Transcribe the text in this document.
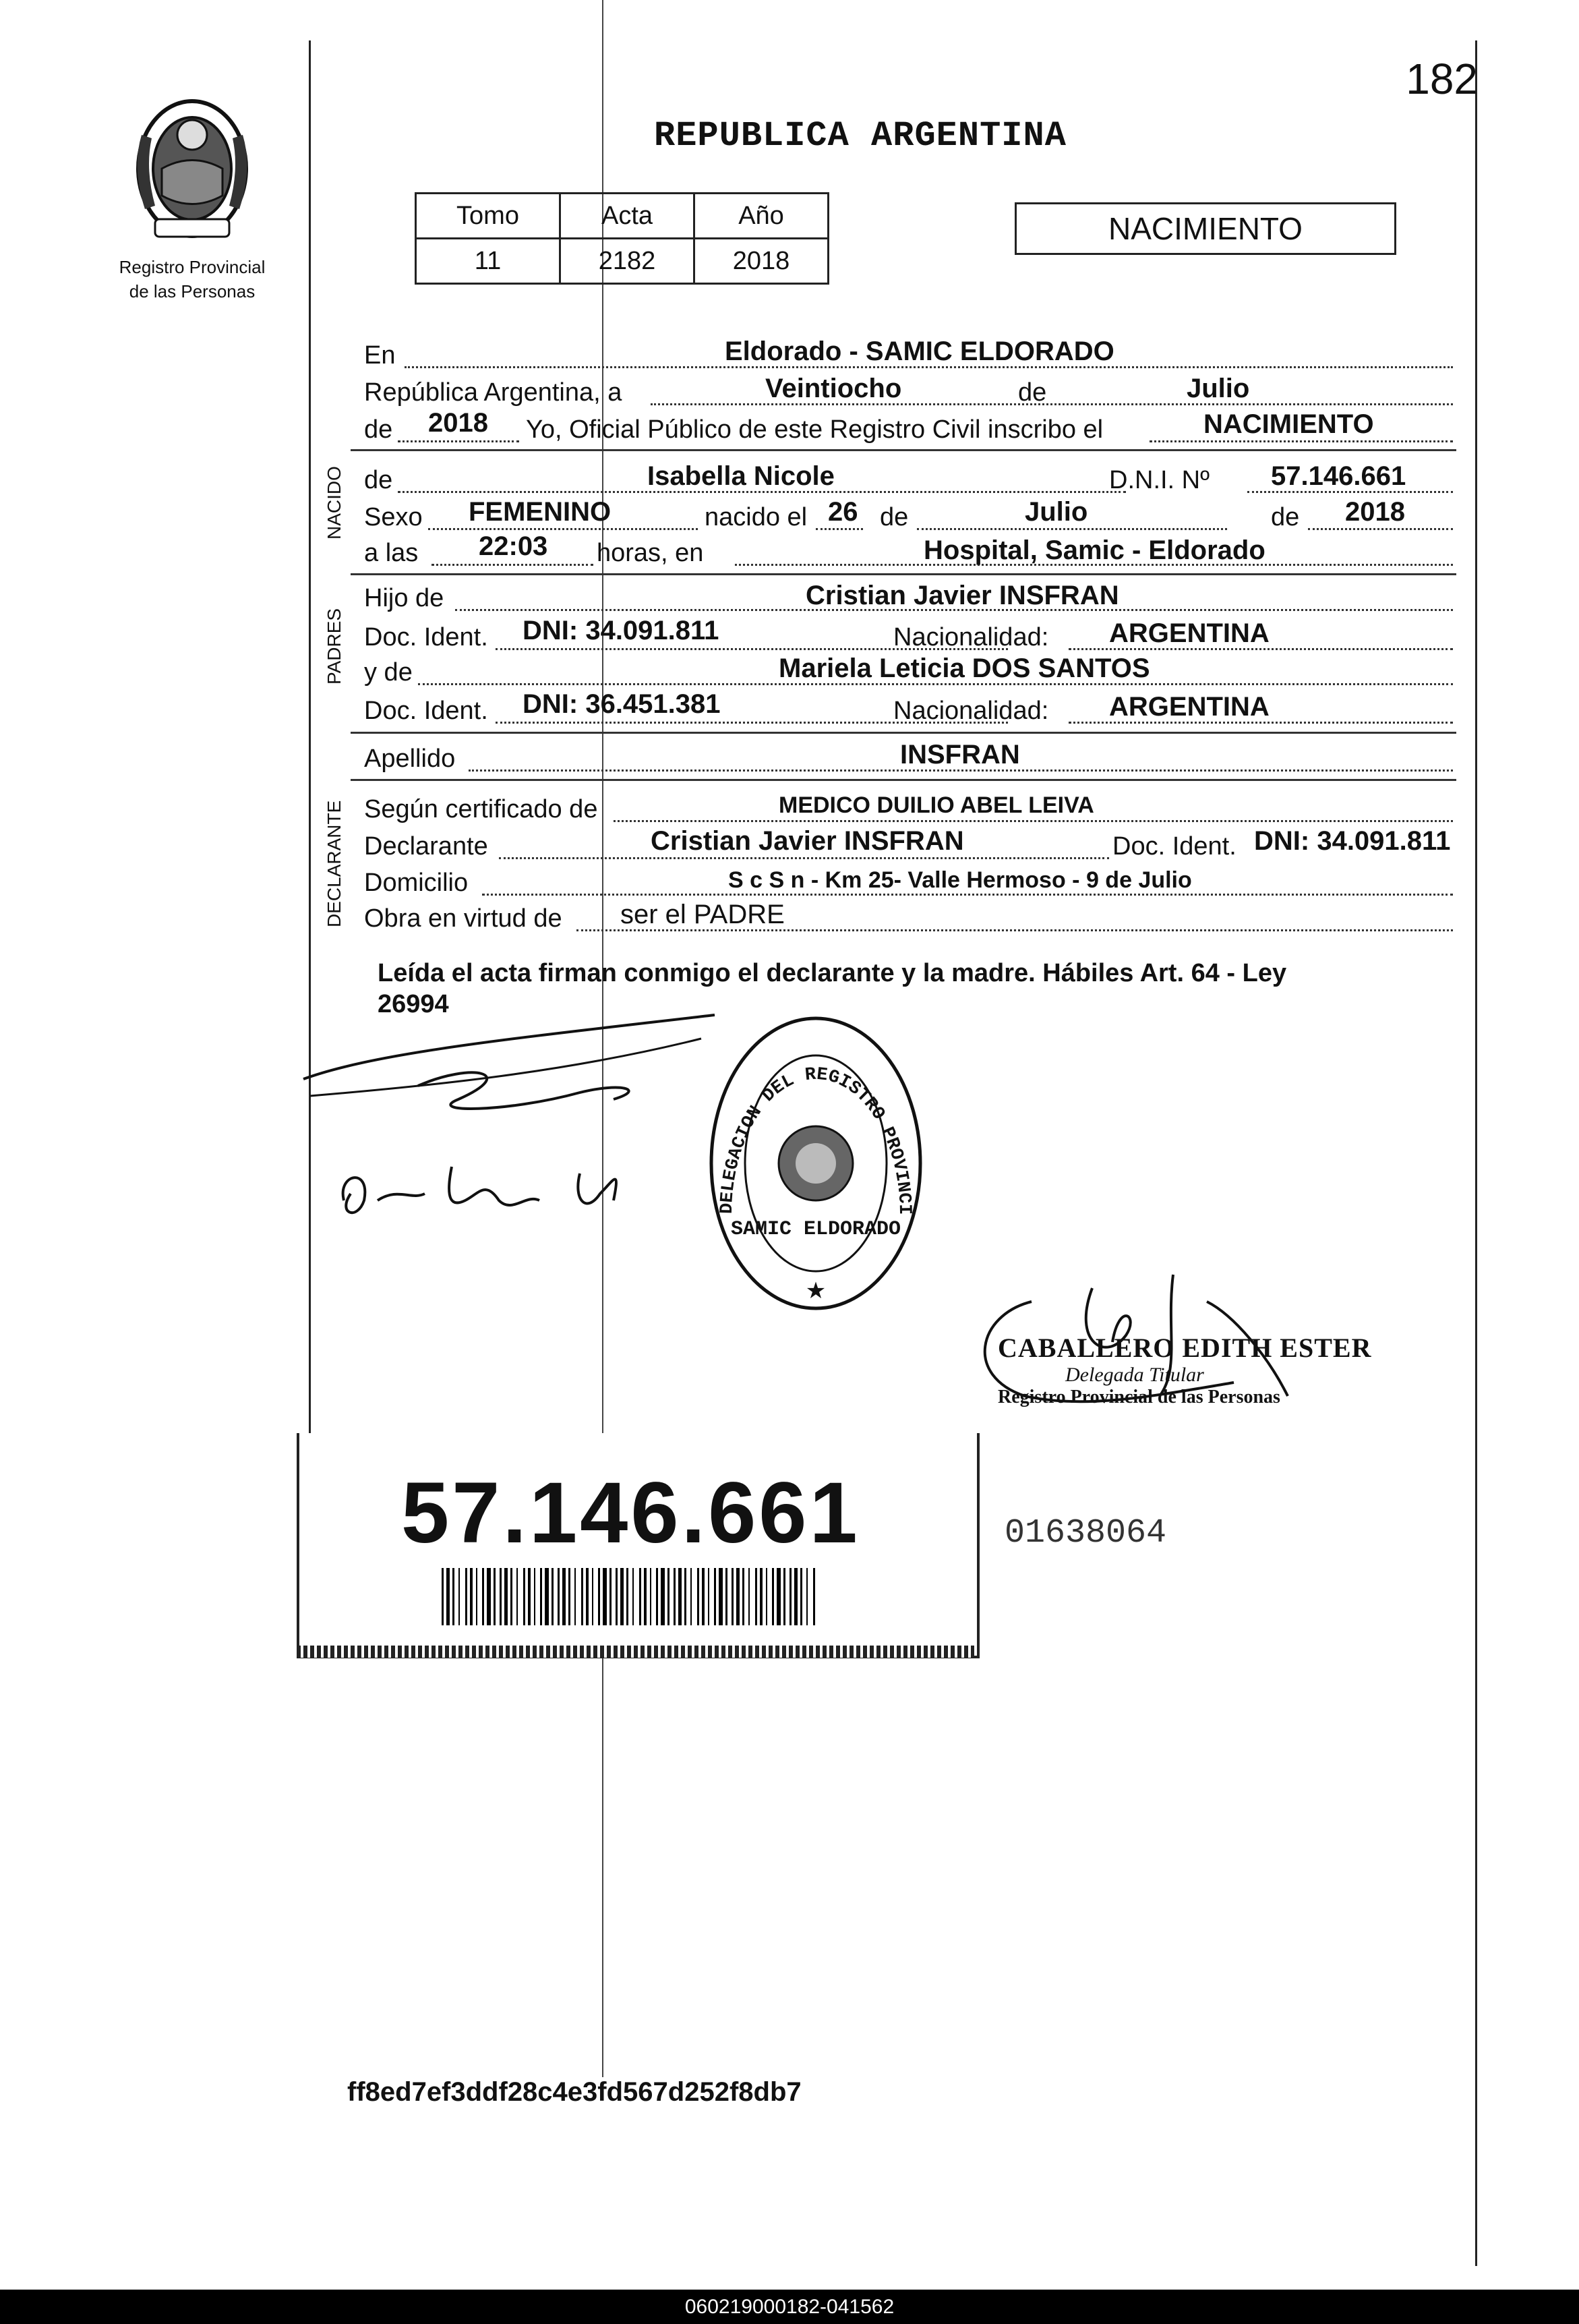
182
Registro Provincial
de las Personas
REPUBLICA ARGENTINA
Tomo	Acta	Año
11	2182	2018
NACIMIENTO
NACIDO
PADRES
DECLARANTE
En	Eldorado - SAMIC ELDORADO
República Argentina, a	Veintiocho	de	Julio
de 2018 Yo, Oficial Público de este Registro Civil inscribo el	NACIMIENTO
de	Isabella Nicole	D.N.I. Nº 57.146.661
Sexo FEMENINO	nacido el 26 de	Julio	de 2018
a las 22:03 horas, en	Hospital, Samic - Eldorado
Hijo de	Cristian Javier INSFRAN
Doc. Ident. DNI: 34.091.811	Nacionalidad: ARGENTINA
y de	Mariela Leticia DOS SANTOS
Doc. Ident. DNI: 36.451.381	Nacionalidad: ARGENTINA
Apellido	INSFRAN
Según certificado de	MEDICO DUILIO ABEL LEIVA
Declarante	Cristian Javier INSFRAN	Doc. Ident. DNI: 34.091.811
Domicilio	S c S n - Km 25- Valle Hermoso - 9 de Julio
Obra en virtud de ser el PADRE
Leída el acta firman conmigo el declarante y la madre. Hábiles Art. 64 - Ley
26994
DELEGACION DEL REGISTRO PROVINCI
SAMIC ELDORADO
★
CABALLERO EDITH ESTER
Delegada Titular
Registro Provincial de las Personas
57.146.661	01638064
ff8ed7ef3ddf28c4e3fd567d252f8db7
060219000182-041562
